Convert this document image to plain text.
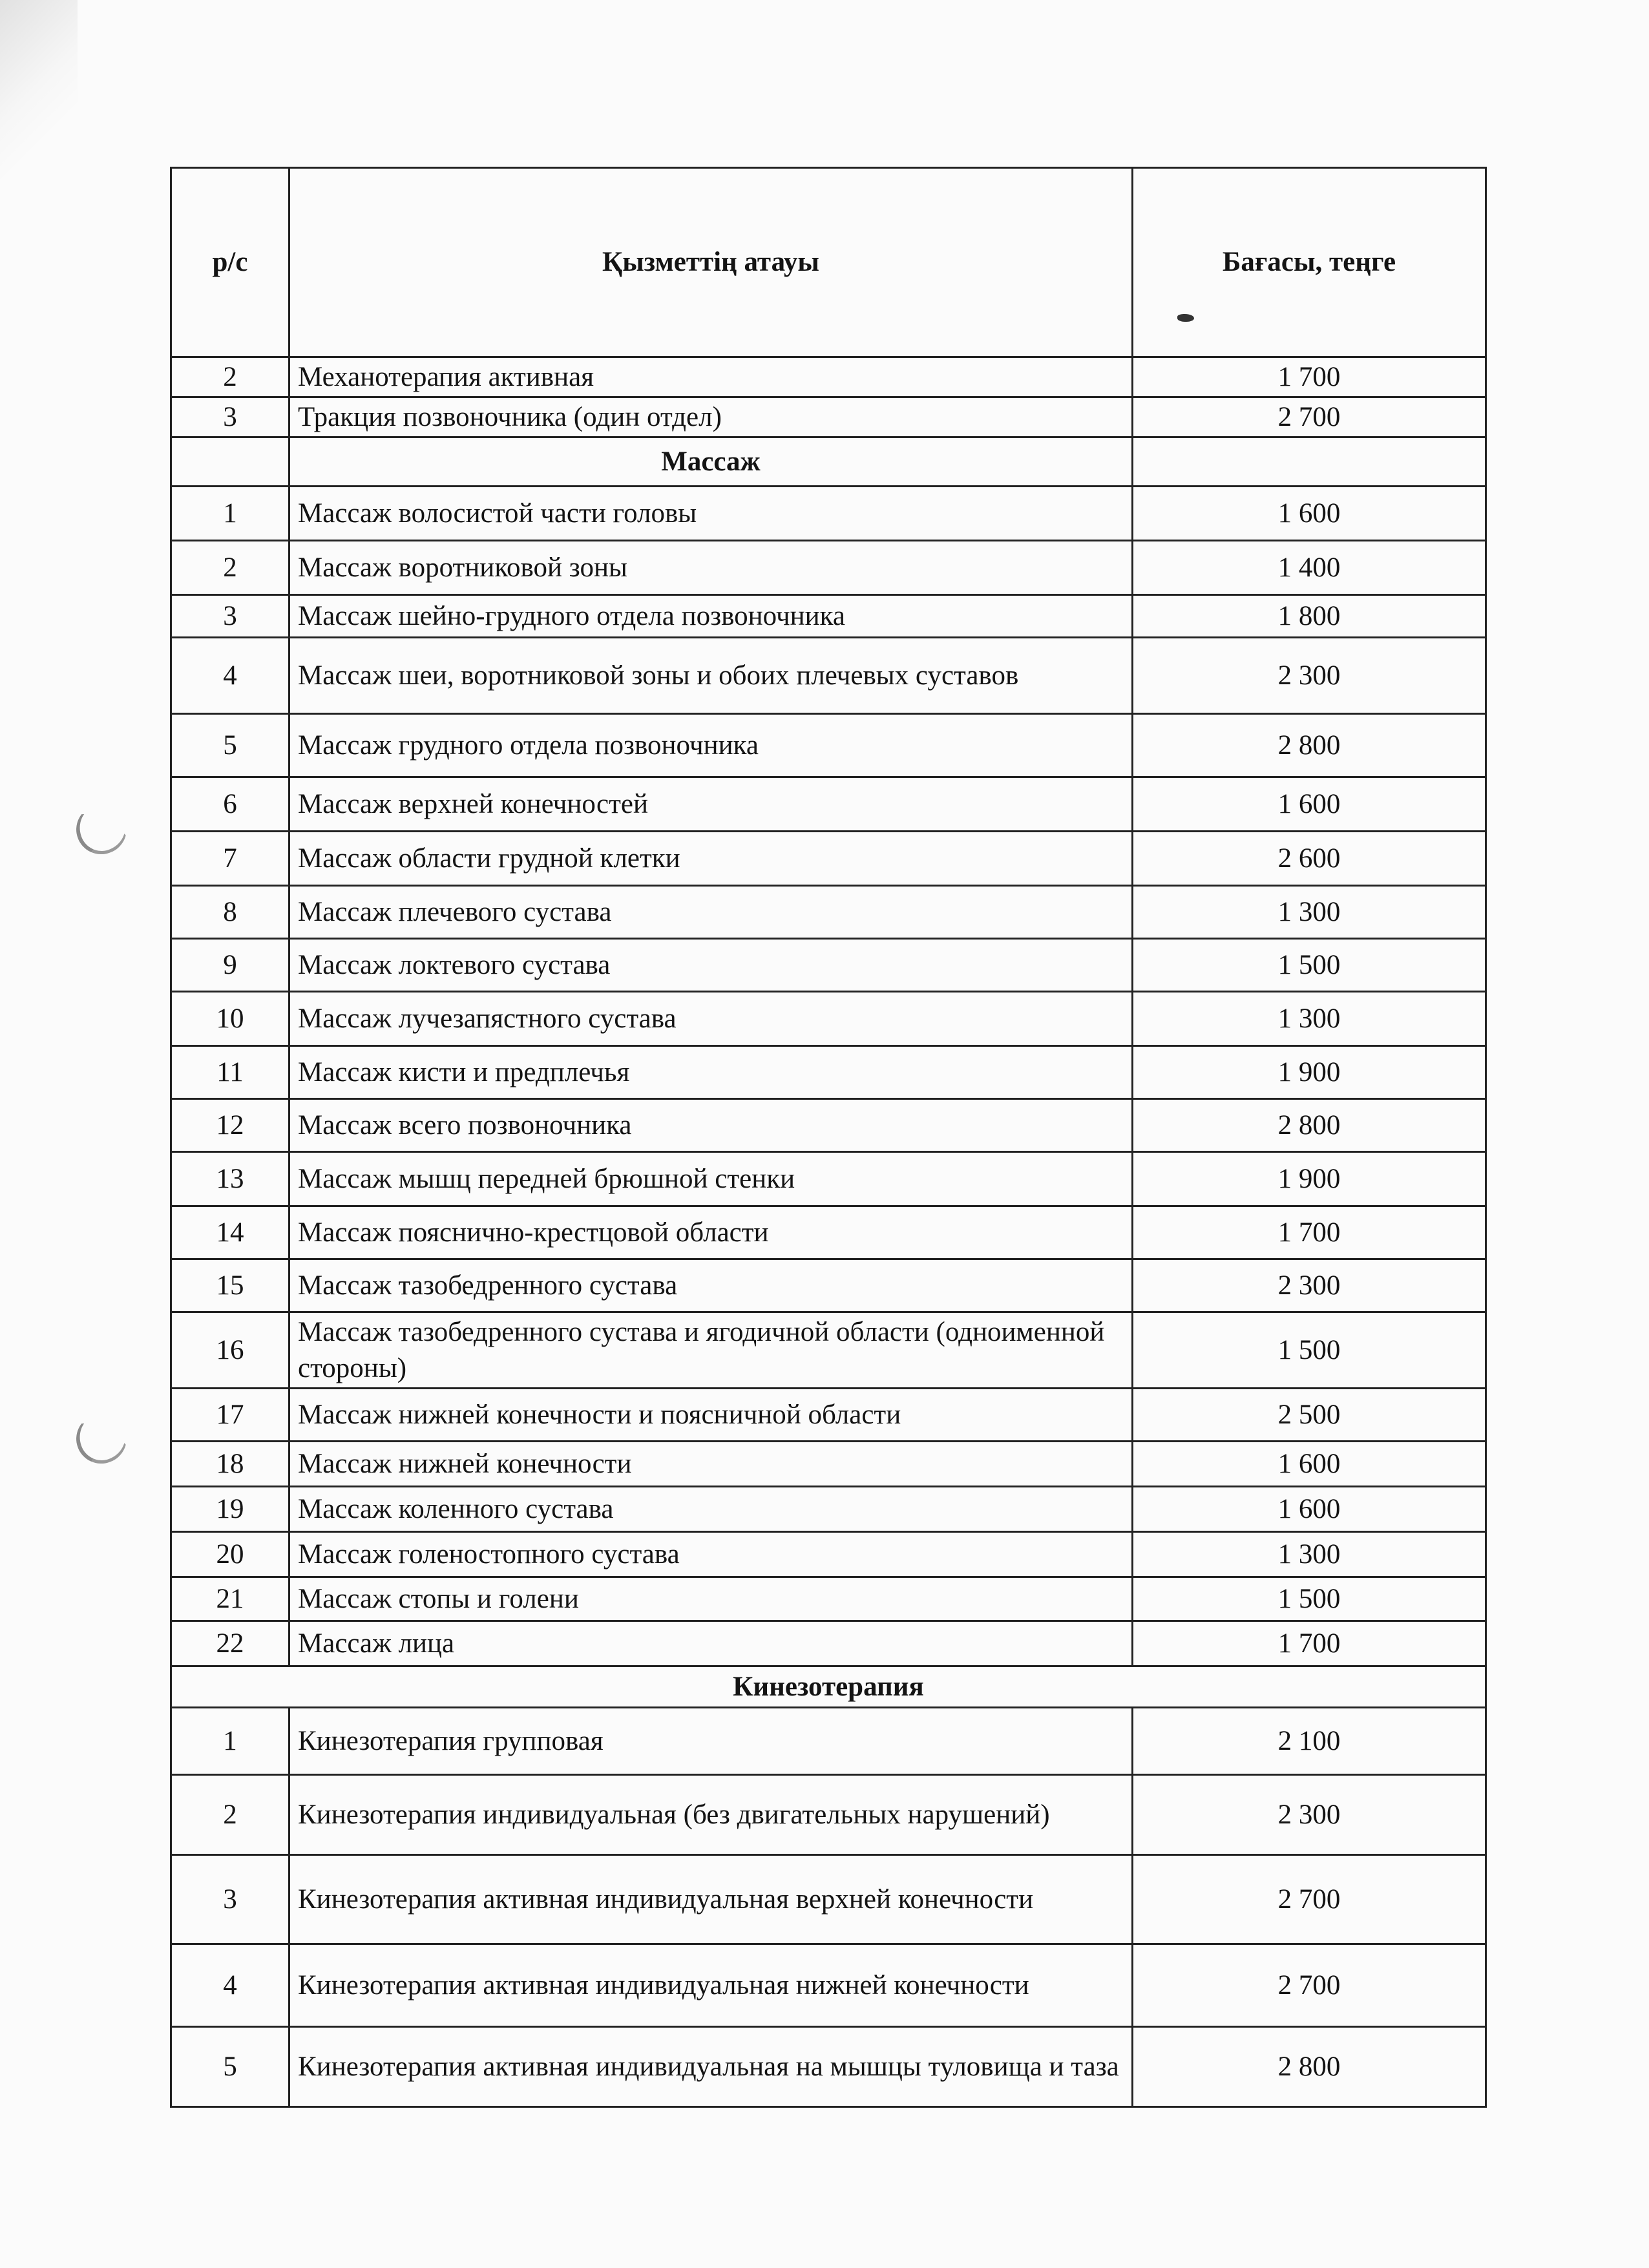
р/с	Қызметтің атауы	Бағасы, теңге
2	Механотерапия активная	1 700
3	Тракция позвоночника (один отдел)	2 700
	Массаж	
1	Массаж волосистой части головы	1 600
2	Массаж воротниковой зоны	1 400
3	Массаж шейно-грудного отдела позвоночника	1 800
4	Массаж шеи, воротниковой зоны и обоих плечевых суставов	2 300
5	Массаж грудного отдела позвоночника	2 800
6	Массаж верхней конечностей	1 600
7	Массаж области грудной клетки	2 600
8	Массаж плечевого сустава	1 300
9	Массаж локтевого сустава	1 500
10	Массаж лучезапястного сустава	1 300
11	Массаж кисти и предплечья	1 900
12	Массаж всего позвоночника	2 800
13	Массаж мышц передней брюшной стенки	1 900
14	Массаж пояснично-крестцовой области	1 700
15	Массаж тазобедренного сустава	2 300
16	Массаж тазобедренного сустава и ягодичной области (одноименной стороны)	1 500
17	Массаж нижней конечности и поясничной области	2 500
18	Массаж нижней конечности	1 600
19	Массаж коленного сустава	1 600
20	Массаж голеностопного сустава	1 300
21	Массаж стопы и голени	1 500
22	Массаж лица	1 700
Кинезотерапия		
1	Кинезотерапия групповая	2 100
2	Кинезотерапия индивидуальная (без двигательных нарушений)	2 300
3	Кинезотерапия активная индивидуальная верхней конечности	2 700
4	Кинезотерапия активная индивидуальная нижней конечности	2 700
5	Кинезотерапия активная индивидуальная на мышцы туловища и таза	2 800
